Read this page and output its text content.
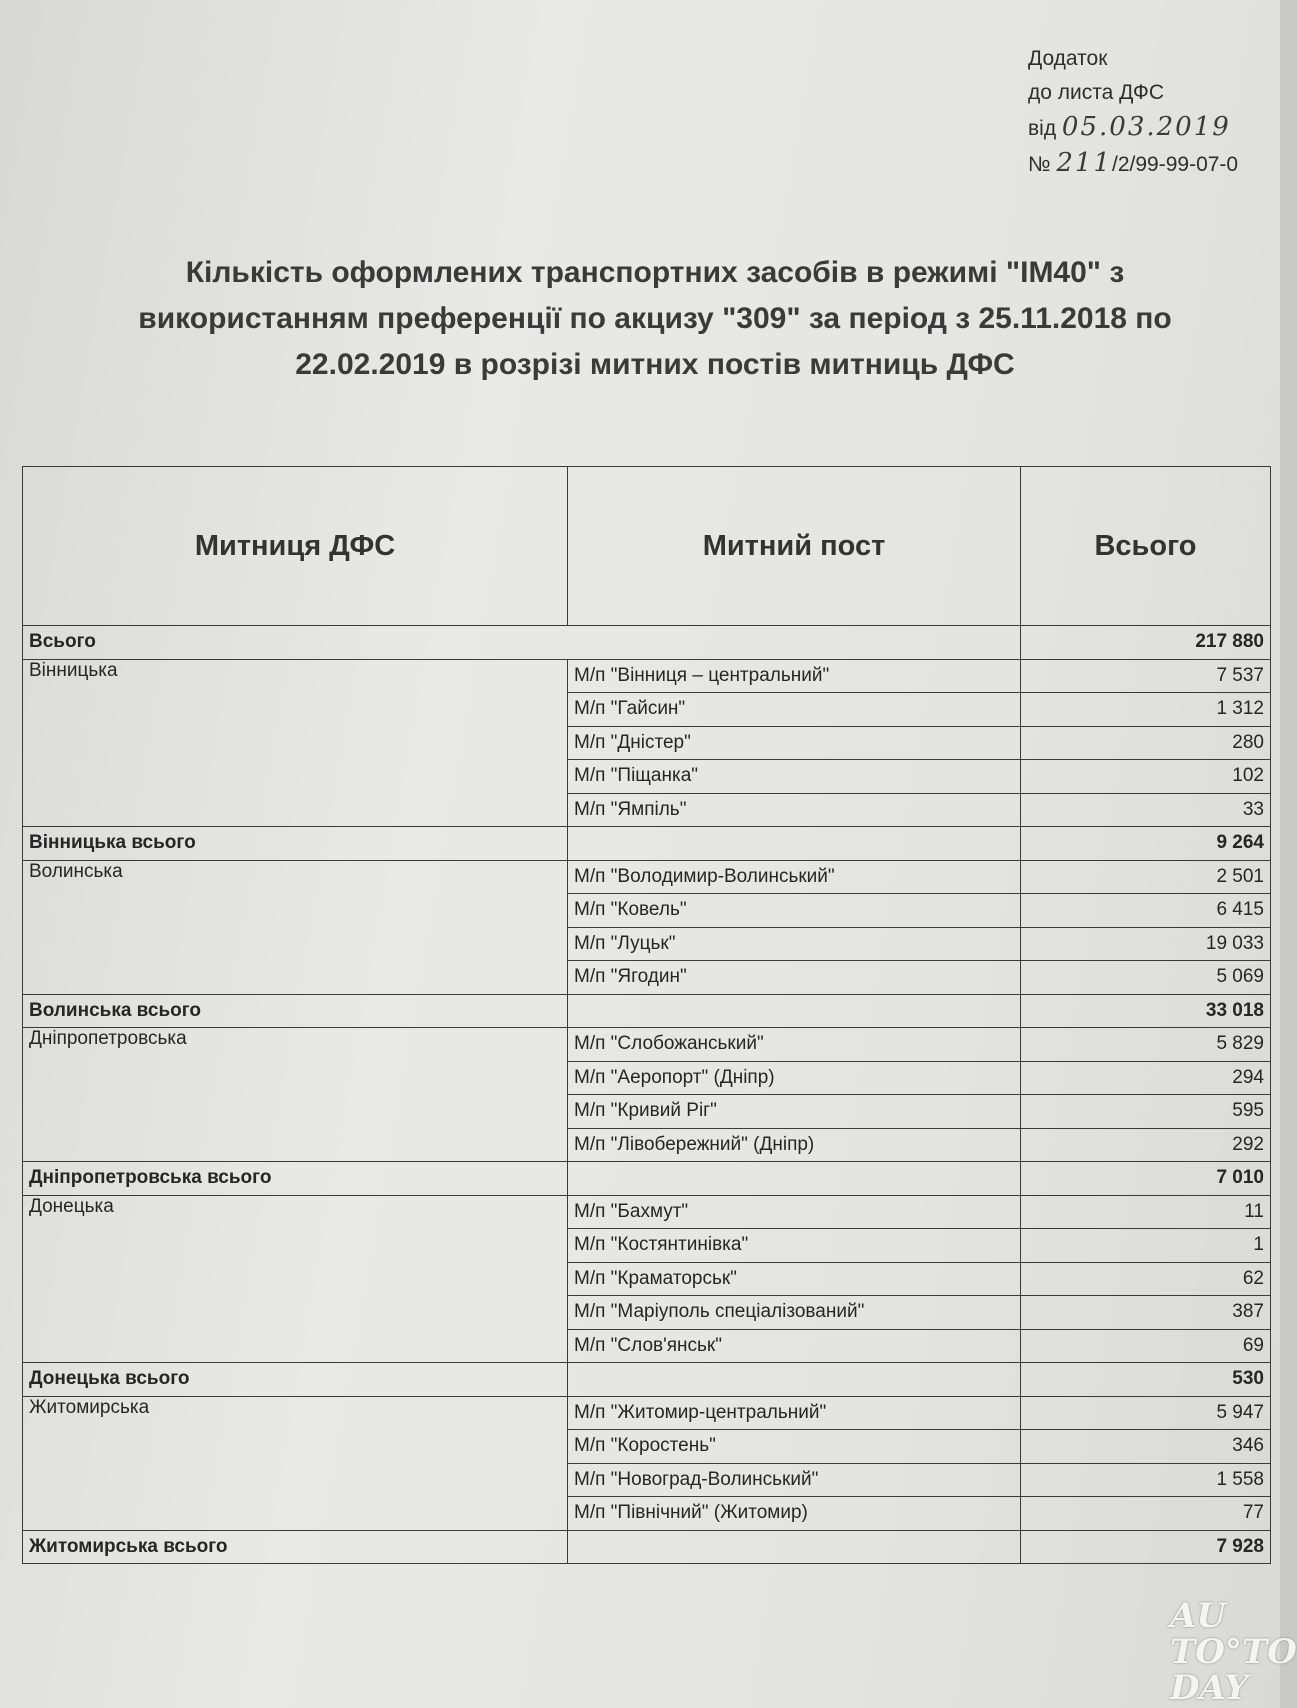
Додаток
до листа ДФС
від 05.03.2019
№ 211/2/99-99-07-0
Кількість оформлених транспортних засобів в режимі "ІМ40" з використанням преференції по акцизу "309" за період з 25.11.2018 по 22.02.2019 в розрізі митних постів митниць ДФС
Митниця ДФС	Митний пост	Всього
Всього		217 880
Вінницька	М/п "Вінниця – центральний"	7 537
	М/п "Гайсин"	1 312
	М/п "Дністер"	280
	М/п "Піщанка"	102
	М/п "Ямпіль"	33
Вінницька всього		9 264
Волинська	М/п "Володимир-Волинський"	2 501
	М/п "Ковель"	6 415
	М/п "Луцьк"	19 033
	М/п "Ягодин"	5 069
Волинська всього		33 018
Дніпропетровська	М/п "Слобожанський"	5 829
	М/п "Аеропорт" (Дніпр)	294
	М/п "Кривий Ріг"	595
	М/п "Лівобережний" (Дніпр)	292
Дніпропетровська всього		7 010
Донецька	М/п "Бахмут"	11
	М/п "Костянтинівка"	1
	М/п "Краматорськ"	62
	М/п "Маріуполь спеціалізований"	387
	М/п "Слов'янськ"	69
Донецька всього		530
Житомирська	М/п "Житомир-центральний"	5 947
	М/п "Коростень"	346
	М/п "Новоград-Волинський"	1 558
	М/п "Північний" (Житомир)	77
Житомирська всього		7 928
AU
TO°TO
DAY
